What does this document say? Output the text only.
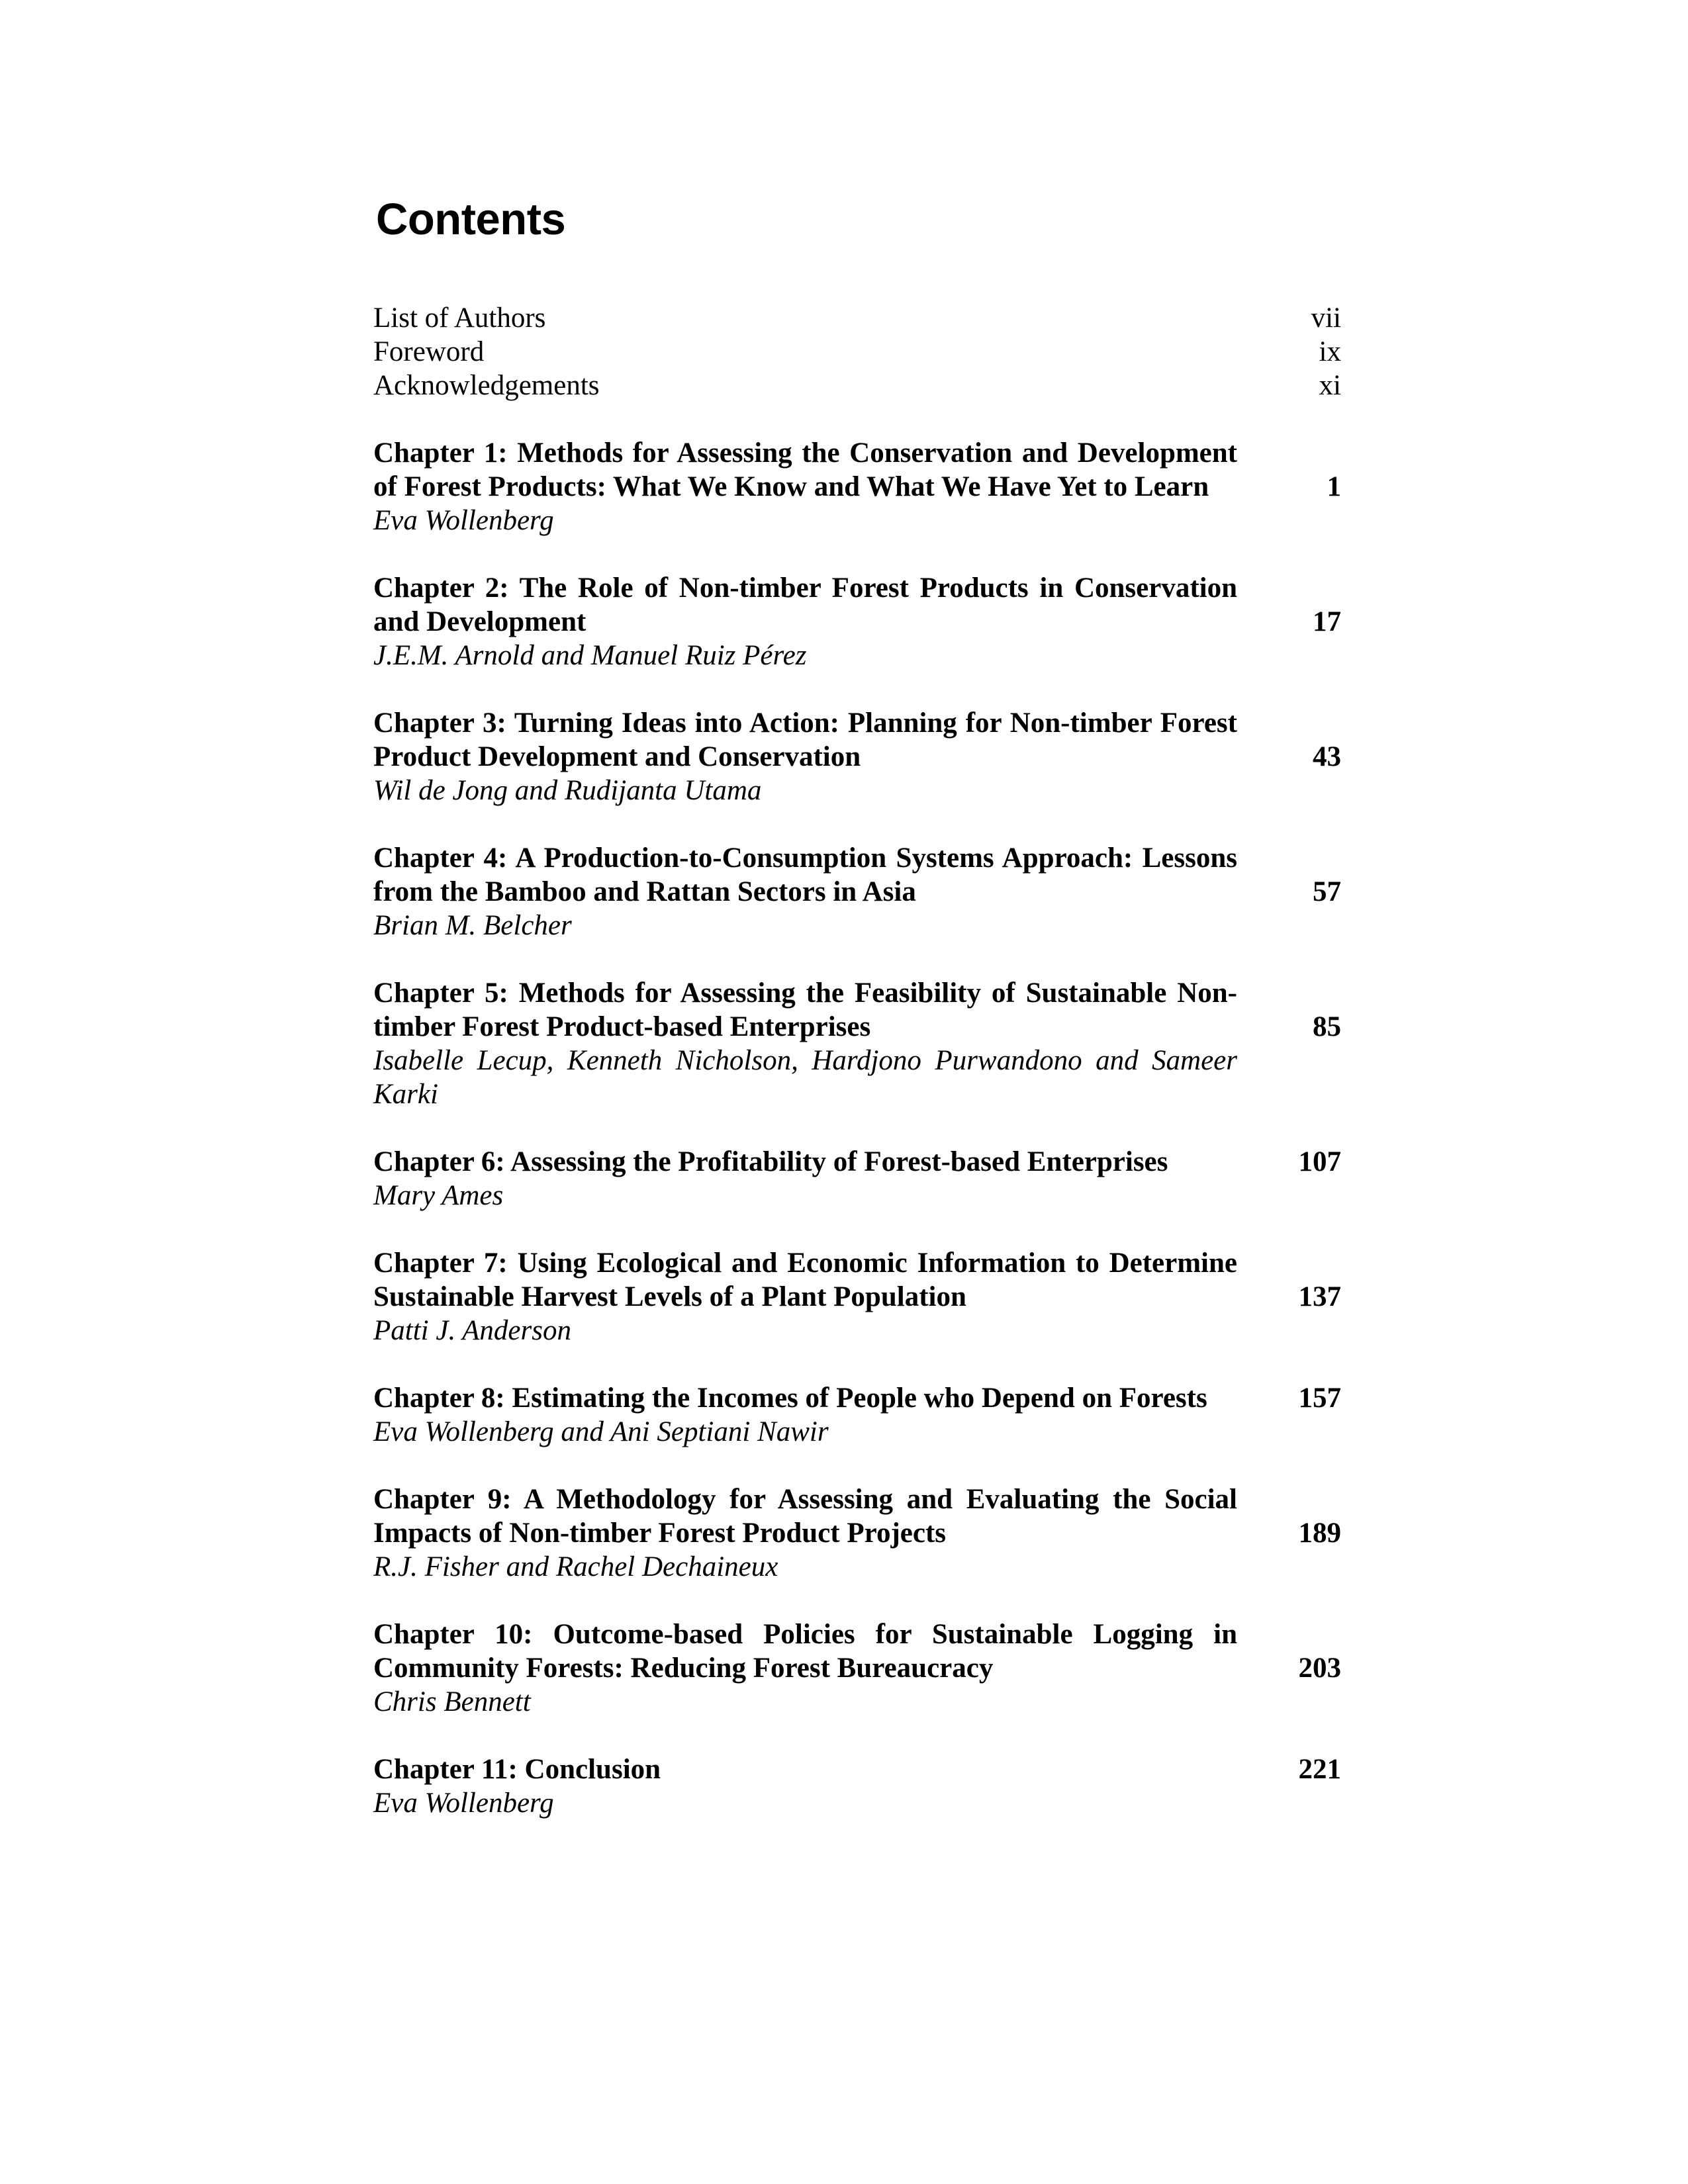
Contents
List of Authors	vii
Foreword	ix
Acknowledgements	xi
Chapter 1: Methods for Assessing the Conservation and Development of Forest Products: What We Know and What We Have Yet to Learn	1
Eva Wollenberg
Chapter 2: The Role of Non-timber Forest Products in Conservation and Development	17
J.E.M. Arnold and Manuel Ruiz Pérez
Chapter 3: Turning Ideas into Action: Planning for Non-timber Forest Product Development and Conservation	43
Wil de Jong and Rudijanta Utama
Chapter 4: A Production-to-Consumption Systems Approach: Lessons from the Bamboo and Rattan Sectors in Asia	57
Brian M. Belcher
Chapter 5: Methods for Assessing the Feasibility of Sustainable Non-timber Forest Product-based Enterprises	85
Isabelle Lecup, Kenneth Nicholson, Hardjono Purwandono and Sameer Karki
Chapter 6: Assessing the Profitability of Forest-based Enterprises	107
Mary Ames
Chapter 7: Using Ecological and Economic Information to Determine Sustainable Harvest Levels of a Plant Population	137
Patti J. Anderson
Chapter 8: Estimating the Incomes of People who Depend on Forests	157
Eva Wollenberg and Ani Septiani Nawir
Chapter 9: A Methodology for Assessing and Evaluating the Social Impacts of Non-timber Forest Product Projects	189
R.J. Fisher and Rachel Dechaineux
Chapter 10: Outcome-based Policies for Sustainable Logging in Community Forests: Reducing Forest Bureaucracy	203
Chris Bennett
Chapter 11: Conclusion	221
Eva Wollenberg
